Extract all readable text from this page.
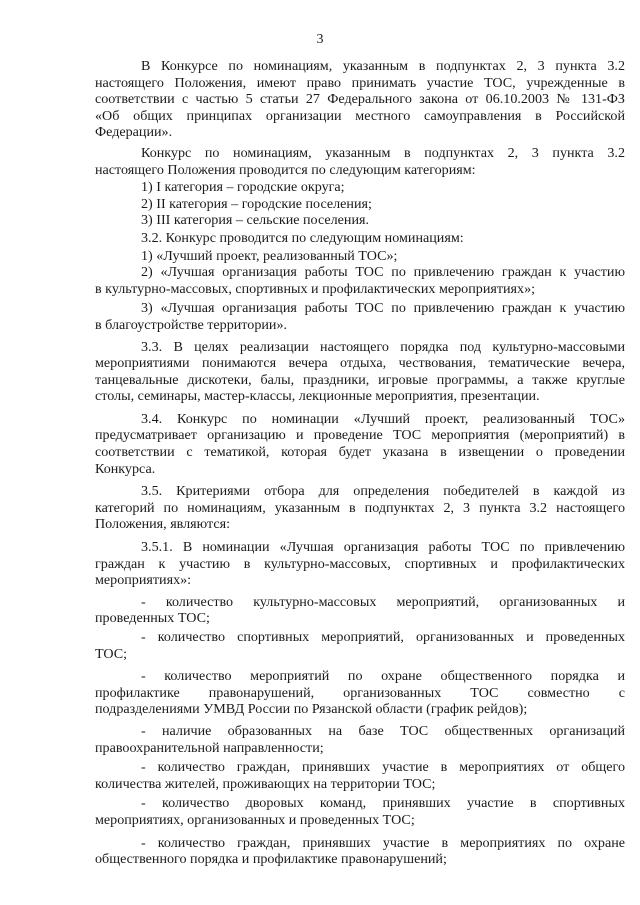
3
В Конкурсе по номинациям, указанным в подпунктах 2, 3 пункта 3.2
настоящего Положения, имеют право принимать участие ТОС, учрежденные в
соответствии с частью 5 статьи 27 Федерального закона от 06.10.2003 № 131-ФЗ
«Об общих принципах организации местного самоуправления в Российской
Федерации».
Конкурс по номинациям, указанным в подпунктах 2, 3 пункта 3.2
настоящего Положения проводится по следующим категориям:
1) I категория – городские округа;
2) II категория – городские поселения;
3) III категория – сельские поселения.
3.2. Конкурс проводится по следующим номинациям:
1) «Лучший проект, реализованный ТОС»;
2) «Лучшая организация работы ТОС по привлечению граждан к участию
в культурно-массовых, спортивных и профилактических мероприятиях»;
3) «Лучшая организация работы ТОС по привлечению граждан к участию
в благоустройстве территории».
3.3. В целях реализации настоящего порядка под культурно-массовыми
мероприятиями понимаются вечера отдыха, чествования, тематические вечера,
танцевальные дискотеки, балы, праздники, игровые программы, а также круглые
столы, семинары, мастер-классы, лекционные мероприятия, презентации.
3.4. Конкурс по номинации «Лучший проект, реализованный ТОС»
предусматривает организацию и проведение ТОС мероприятия (мероприятий) в
соответствии с тематикой, которая будет указана в извещении о проведении
Конкурса.
3.5. Критериями отбора для определения победителей в каждой из
категорий по номинациям, указанным в подпунктах 2, 3 пункта 3.2 настоящего
Положения, являются:
3.5.1. В номинации «Лучшая организация работы ТОС по привлечению
граждан к участию в культурно-массовых, спортивных и профилактических
мероприятиях»:
- количество культурно-массовых мероприятий, организованных и
проведенных ТОС;
- количество спортивных мероприятий, организованных и проведенных
ТОС;
- количество мероприятий по охране общественного порядка и
профилактике правонарушений, организованных ТОС совместно с
подразделениями УМВД России по Рязанской области (график рейдов);
- наличие образованных на базе ТОС общественных организаций
правоохранительной направленности;
- количество граждан, принявших участие в мероприятиях от общего
количества жителей, проживающих на территории ТОС;
- количество дворовых команд, принявших участие в спортивных
мероприятиях, организованных и проведенных ТОС;
- количество граждан, принявших участие в мероприятиях по охране
общественного порядка и профилактике правонарушений;
